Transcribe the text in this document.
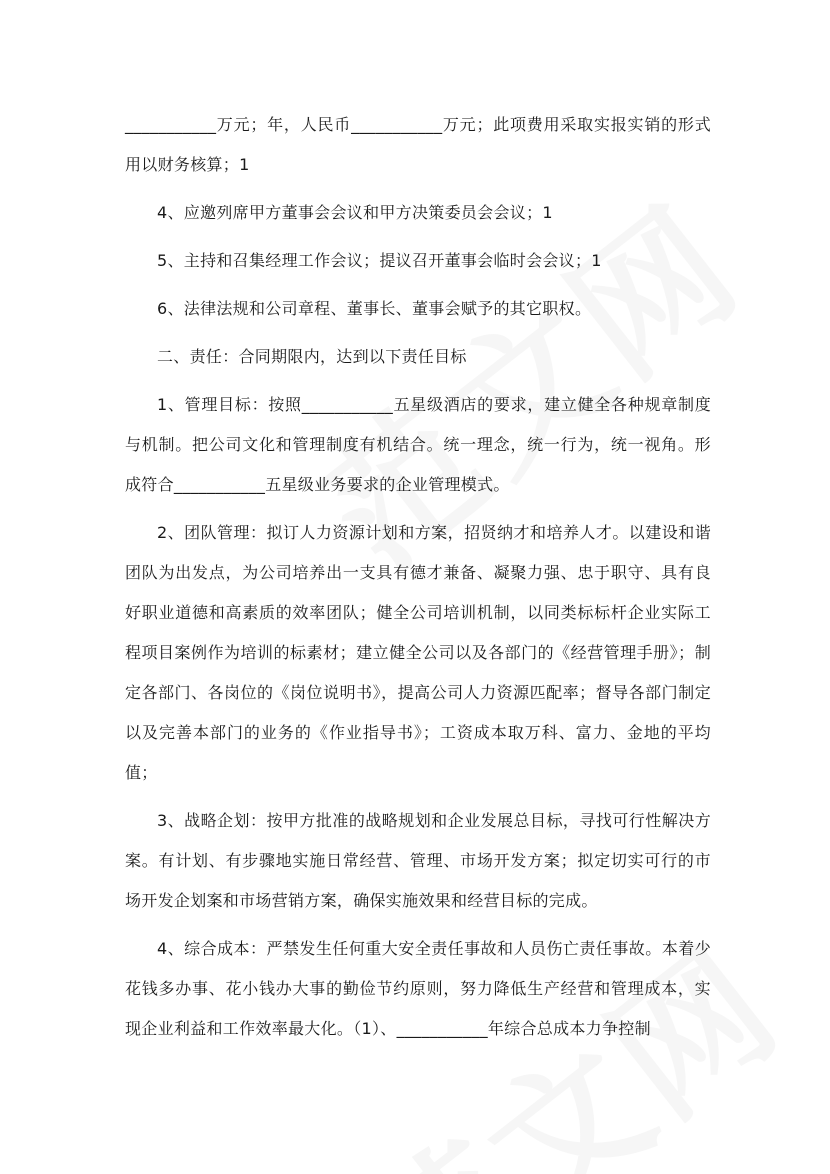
___________万元；年，人民币___________万元；此项费用采取实报实销的形式用以财务核算；1

4、应邀列席甲方董事会会议和甲方决策委员会会议；1

5、主持和召集经理工作会议；提议召开董事会临时会会议；1

6、法律法规和公司章程、董事长、董事会赋予的其它职权。

二、责任：合同期限内，达到以下责任目标

1、管理目标：按照___________五星级酒店的要求，建立健全各种规章制度与机制。把公司文化和管理制度有机结合。统一理念，统一行为，统一视角。形成符合___________五星级业务要求的企业管理模式。

2、团队管理：拟订人力资源计划和方案，招贤纳才和培养人才。以建设和谐团队为出发点，为公司培养出一支具有德才兼备、凝聚力强、忠于职守、具有良好职业道德和高素质的效率团队；健全公司培训机制，以同类标标杆企业实际工程项目案例作为培训的标素材；建立健全公司以及各部门的《经营管理手册》；制定各部门、各岗位的《岗位说明书》，提高公司人力资源匹配率；督导各部门制定以及完善本部门的业务的《作业指导书》；工资成本取万科、富力、金地的平均值；

3、战略企划：按甲方批准的战略规划和企业发展总目标，寻找可行性解决方案。有计划、有步骤地实施日常经营、管理、市场开发方案；拟定切实可行的市场开发企划案和市场营销方案，确保实施效果和经营目标的完成。

4、综合成本：严禁发生任何重大安全责任事故和人员伤亡责任事故。本着少花钱多办事、花小钱办大事的勤俭节约原则，努力降低生产经营和管理成本，实现企业利益和工作效率最大化。（1）、___________年综合总成本力争控制
